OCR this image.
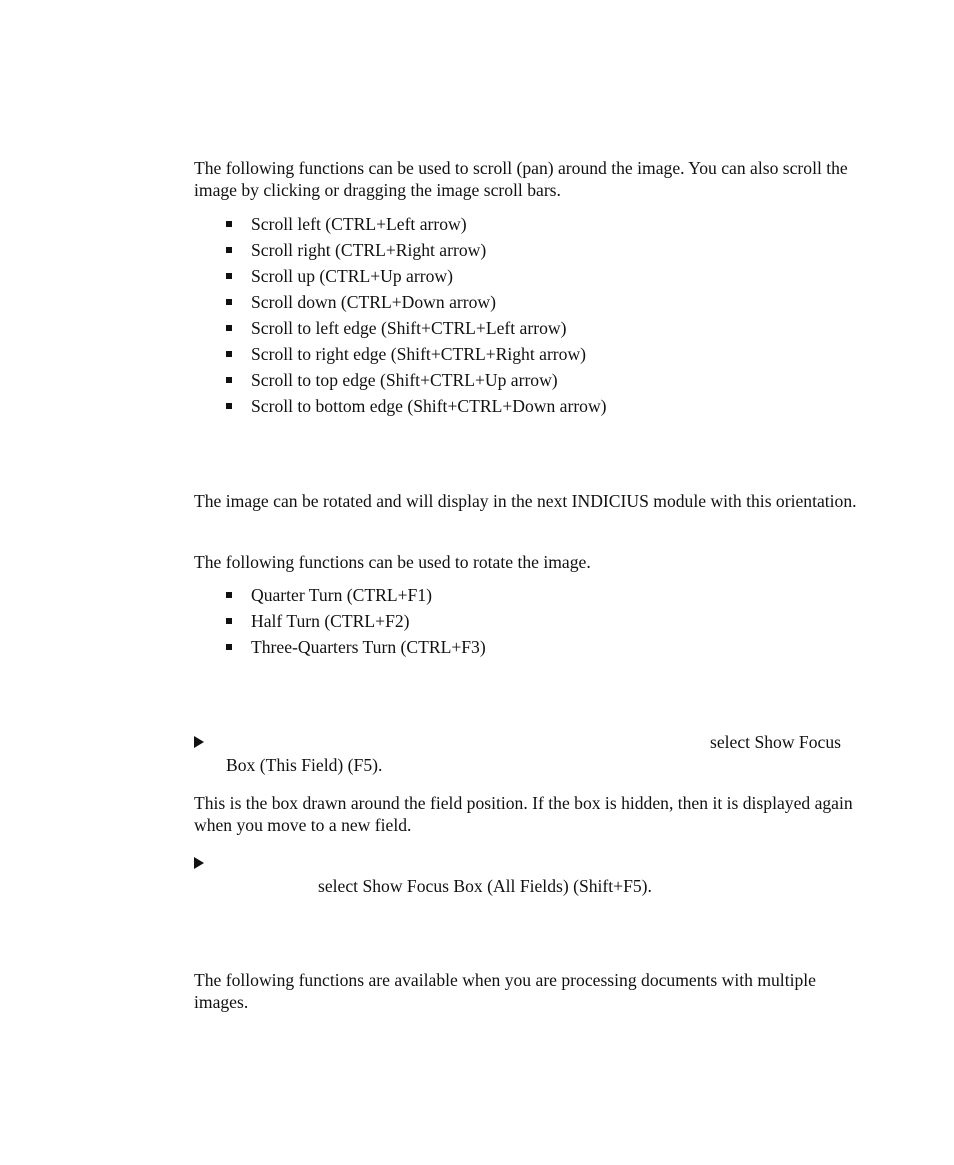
The following functions can be used to scroll (pan) around the image. You can also scroll the image by clicking or dragging the image scroll bars.

Scroll left (CTRL+Left arrow)
Scroll right (CTRL+Right arrow)
Scroll up (CTRL+Up arrow)
Scroll down (CTRL+Down arrow)
Scroll to left edge (Shift+CTRL+Left arrow)
Scroll to right edge (Shift+CTRL+Right arrow)
Scroll to top edge (Shift+CTRL+Up arrow)
Scroll to bottom edge (Shift+CTRL+Down arrow)

The image can be rotated and will display in the next INDICIUS module with this orientation.

The following functions can be used to rotate the image.

Quarter Turn (CTRL+F1)
Half Turn (CTRL+F2)
Three-Quarters Turn (CTRL+F3)
select Show Focus
Box (This Field) (F5).

This is the box drawn around the field position. If the box is hidden, then it is displayed again when you move to a new field.

select Show Focus Box (All Fields) (Shift+F5).

The following functions are available when you are processing documents with multiple images.
